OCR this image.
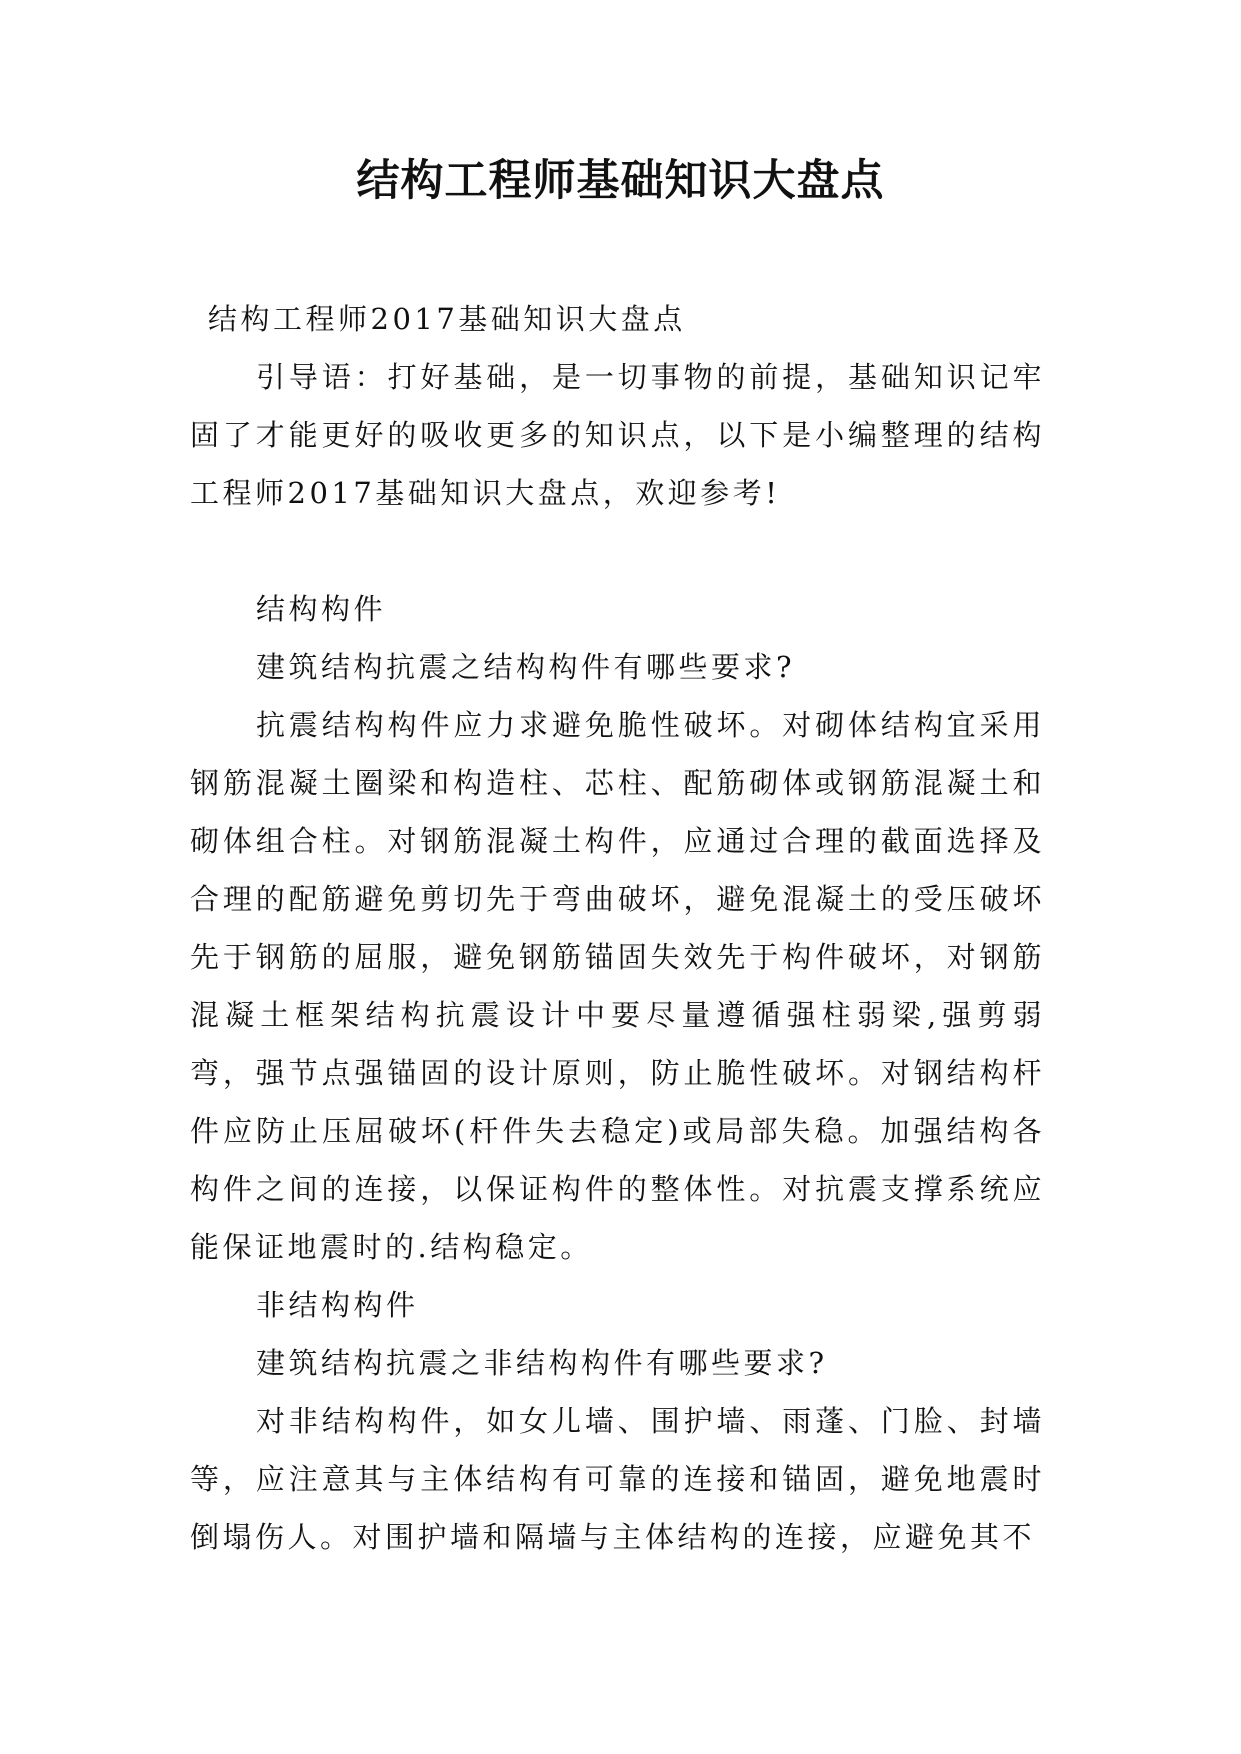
结构工程师基础知识大盘点

结构工程师2017基础知识大盘点

引导语：打好基础，是一切事物的前提，基础知识记牢固了才能更好的吸收更多的知识点，以下是小编整理的结构工程师2017基础知识大盘点，欢迎参考!

结构构件

建筑结构抗震之结构构件有哪些要求?

抗震结构构件应力求避免脆性破坏。对砌体结构宜采用钢筋混凝土圈梁和构造柱、芯柱、配筋砌体或钢筋混凝土和砌体组合柱。对钢筋混凝土构件，应通过合理的截面选择及合理的配筋避免剪切先于弯曲破坏，避免混凝土的受压破坏先于钢筋的屈服，避免钢筋锚固失效先于构件破坏，对钢筋混凝土框架结构抗震设计中要尽量遵循强柱弱梁,强剪弱弯，强节点强锚固的设计原则，防止脆性破坏。对钢结构杆件应防止压屈破坏(杆件失去稳定)或局部失稳。加强结构各构件之间的连接，以保证构件的整体性。对抗震支撑系统应能保证地震时的.结构稳定。

非结构构件

建筑结构抗震之非结构构件有哪些要求?

对非结构构件，如女儿墙、围护墙、雨蓬、门脸、封墙等，应注意其与主体结构有可靠的连接和锚固，避免地震时倒塌伤人。对围护墙和隔墙与主体结构的连接，应避免其不
